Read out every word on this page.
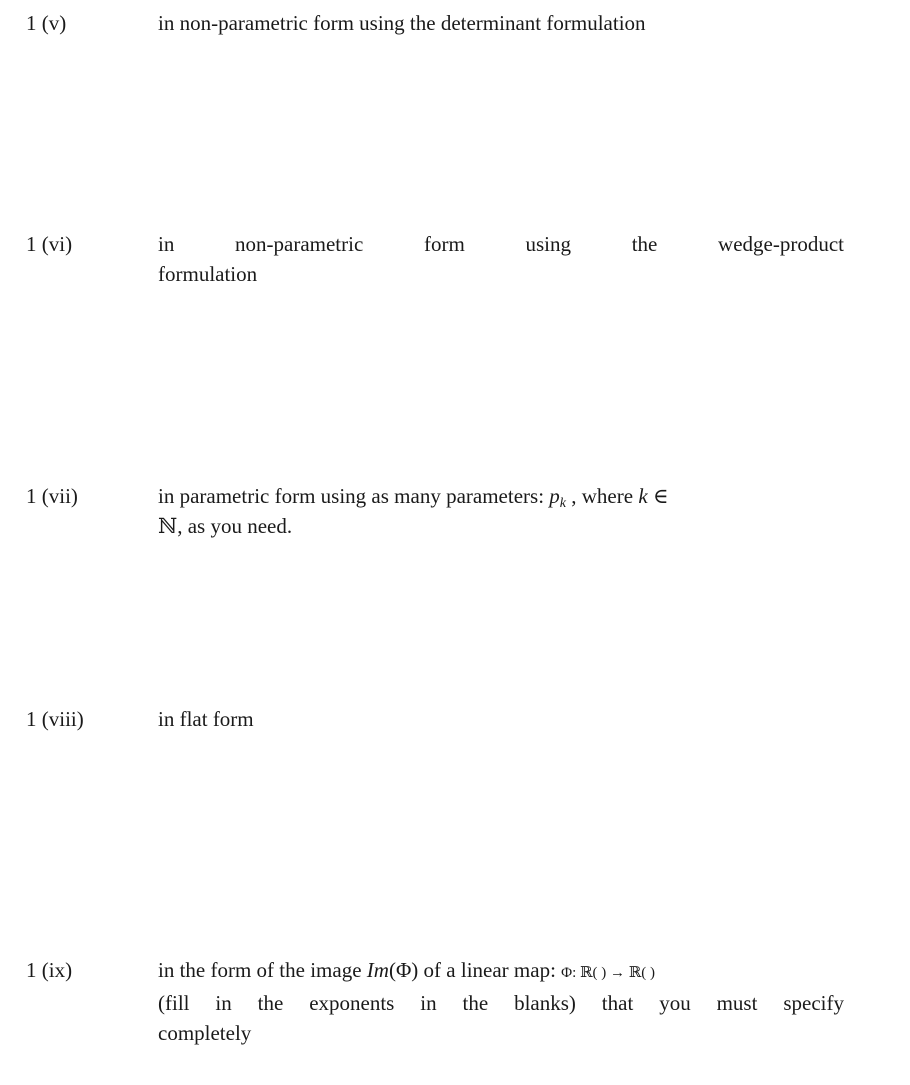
1 (v)	in non-parametric form using the determinant formulation
1 (vi)	in non-parametric form using the wedge-product
formulation
1 (vii)	in parametric form using as many parameters: $p_k$ , where k ∈
ℕ, as you need.
1 (viii)	in flat form
1 (ix)	in the form of the image Im(Φ) of a linear map: Φ: ℝ( ) → ℝ( )
(fill in the exponents in the blanks) that you must specify
completely
